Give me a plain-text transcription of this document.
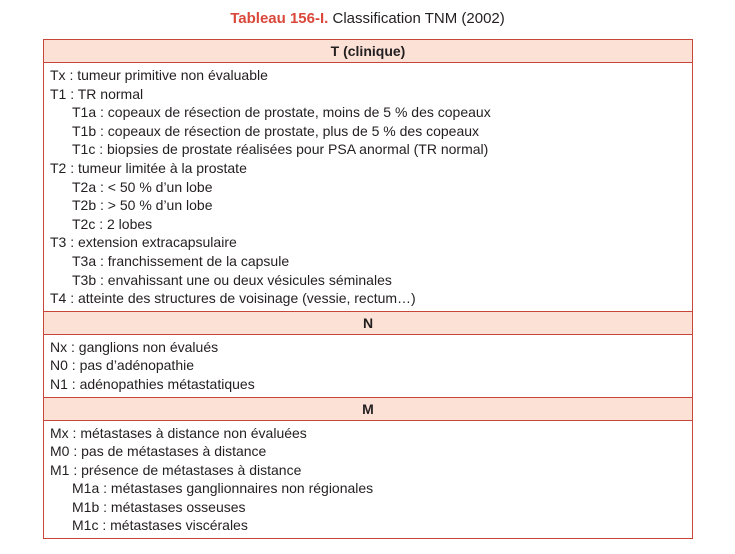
Tableau 156-I. Classification TNM (2002)
T (clinique)
Tx : tumeur primitive non évaluable
T1 : TR normal
T1a : copeaux de résection de prostate, moins de 5 % des copeaux
T1b : copeaux de résection de prostate, plus de 5 % des copeaux
T1c : biopsies de prostate réalisées pour PSA anormal (TR normal)
T2 : tumeur limitée à la prostate
T2a : < 50 % d’un lobe
T2b : > 50 % d’un lobe
T2c : 2 lobes
T3 : extension extracapsulaire
T3a : franchissement de la capsule
T3b : envahissant une ou deux vésicules séminales
T4 : atteinte des structures de voisinage (vessie, rectum…)
N
Nx : ganglions non évalués
N0 : pas d’adénopathie
N1 : adénopathies métastatiques
M
Mx : métastases à distance non évaluées
M0 : pas de métastases à distance
M1 : présence de métastases à distance
M1a : métastases ganglionnaires non régionales
M1b : métastases osseuses
M1c : métastases viscérales
